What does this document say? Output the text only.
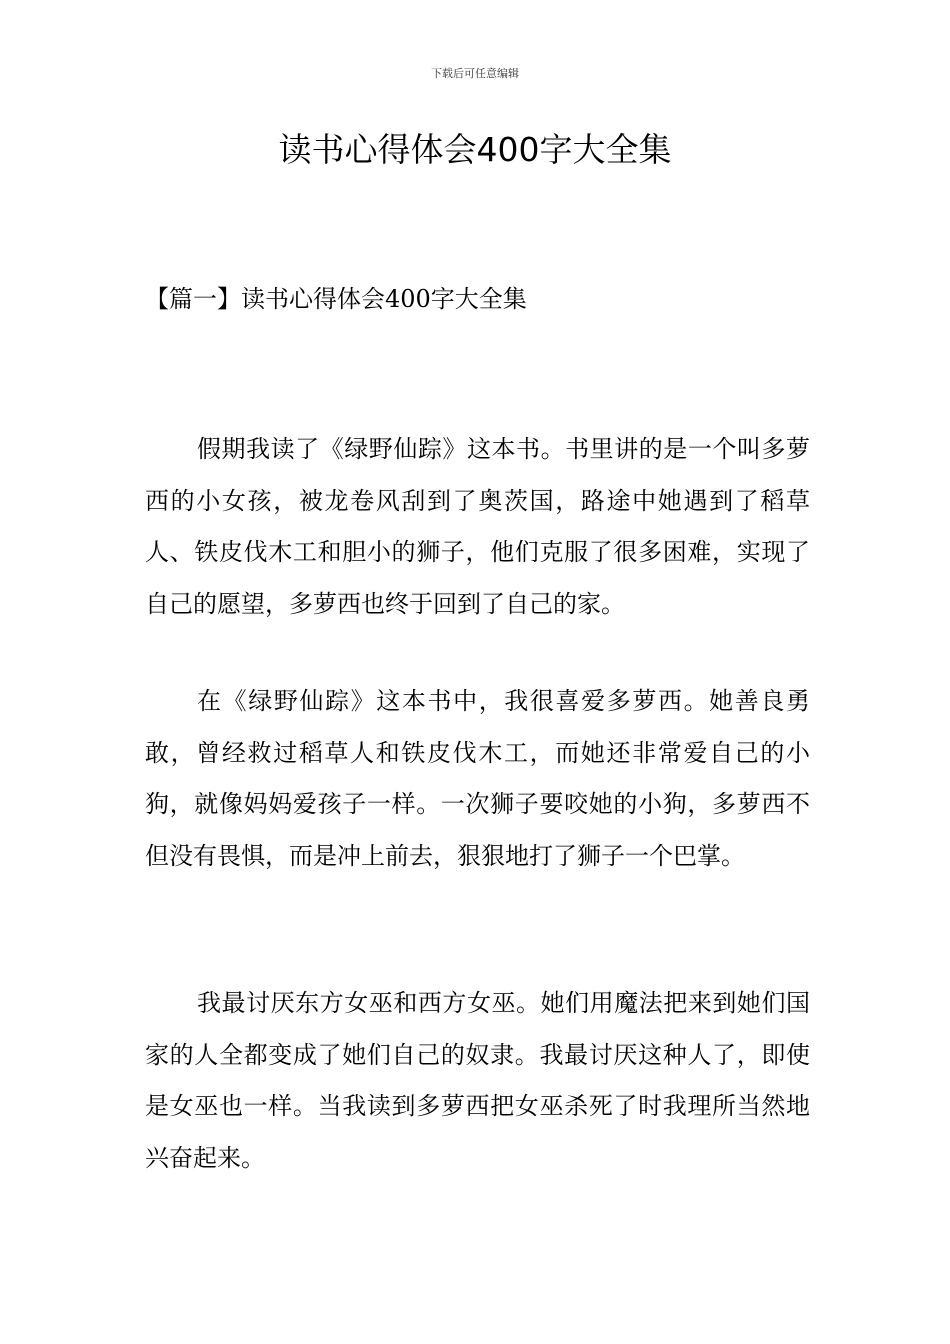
下载后可任意编辑
读书心得体会400字大全集
【篇一】读书心得体会400字大全集

假期我读了《绿野仙踪》这本书。书里讲的是一个叫多萝西的小女孩，被龙卷风刮到了奥茨国，路途中她遇到了稻草人、铁皮伐木工和胆小的狮子，他们克服了很多困难，实现了自己的愿望，多萝西也终于回到了自己的家。

在《绿野仙踪》这本书中，我很喜爱多萝西。她善良勇敢，曾经救过稻草人和铁皮伐木工，而她还非常爱自己的小狗，就像妈妈爱孩子一样。一次狮子要咬她的小狗，多萝西不但没有畏惧，而是冲上前去，狠狠地打了狮子一个巴掌。

我最讨厌东方女巫和西方女巫。她们用魔法把来到她们国家的人全都变成了她们自己的奴隶。我最讨厌这种人了，即使是女巫也一样。当我读到多萝西把女巫杀死了时我理所当然地兴奋起来。
